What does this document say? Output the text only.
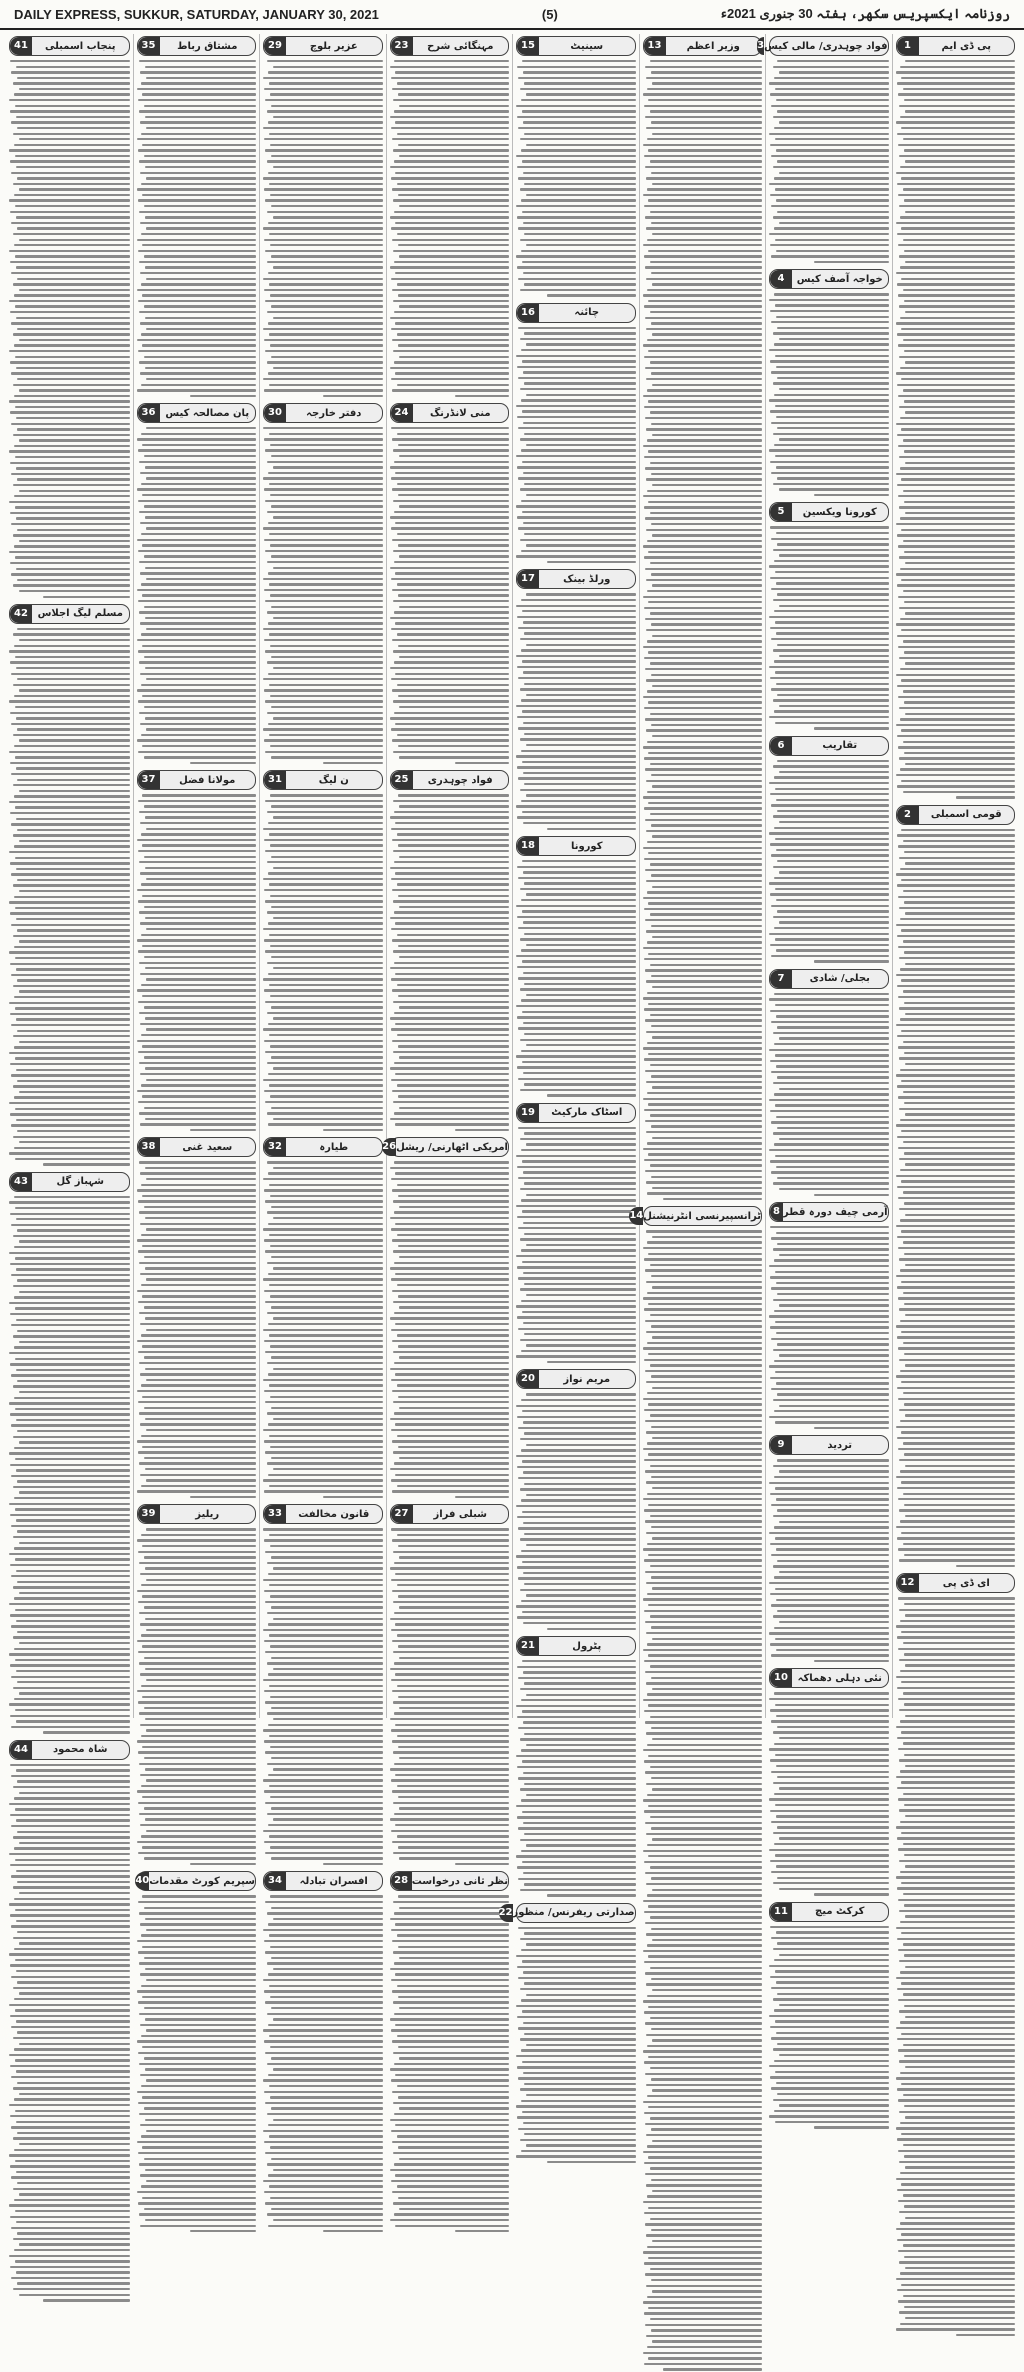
DAILY EXPRESS, SUKKUR, SATURDAY, JANUARY 30, 2021	(5)	روزنامہ ایکسپریس سکھر، ہفتہ 30 جنوری 2021ء
پی ڈی ایم
1
قومی اسمبلی
2
ای ڈی پی
12
فواد چوہدری/ مالی کیس
3
خواجہ آصف کیس
4
کورونا ویکسین
5
تقاریب
6
بجلی/ شادی
7
آرمی چیف دورہ قطر
8
تردید
9
نئی دہلی دھماکہ
10
کرکٹ میچ
11
وزیر اعظم
13
ٹرانسپیرنسی انٹرنیشنل
14
سینیٹ
15
چائنہ
16
ورلڈ بینک
17
کورونا
18
اسٹاک مارکیٹ
19
مریم نواز
20
پٹرول
21
صدارتی ریفرنس/ منظور
22
مہنگائی شرح
23
منی لانڈرنگ
24
فواد چوہدری
25
امریکی اٹھارنی/ ریشل
26
شبلی فراز
27
نظر ثانی درخواست
28
عزیر بلوچ
29
دفتر خارجہ
30
ن لیگ
31
طیارہ
32
قانون مخالفت
33
افسران تبادلہ
34
مشتاق رباط
35
پان مصالحہ کیس
36
مولانا فضل
37
سعید غنی
38
ریلیز
39
سپریم کورٹ مقدمات
40
پنجاب اسمبلی
41
مسلم لیگ اجلاس
42
شہباز گل
43
شاہ محمود
44
